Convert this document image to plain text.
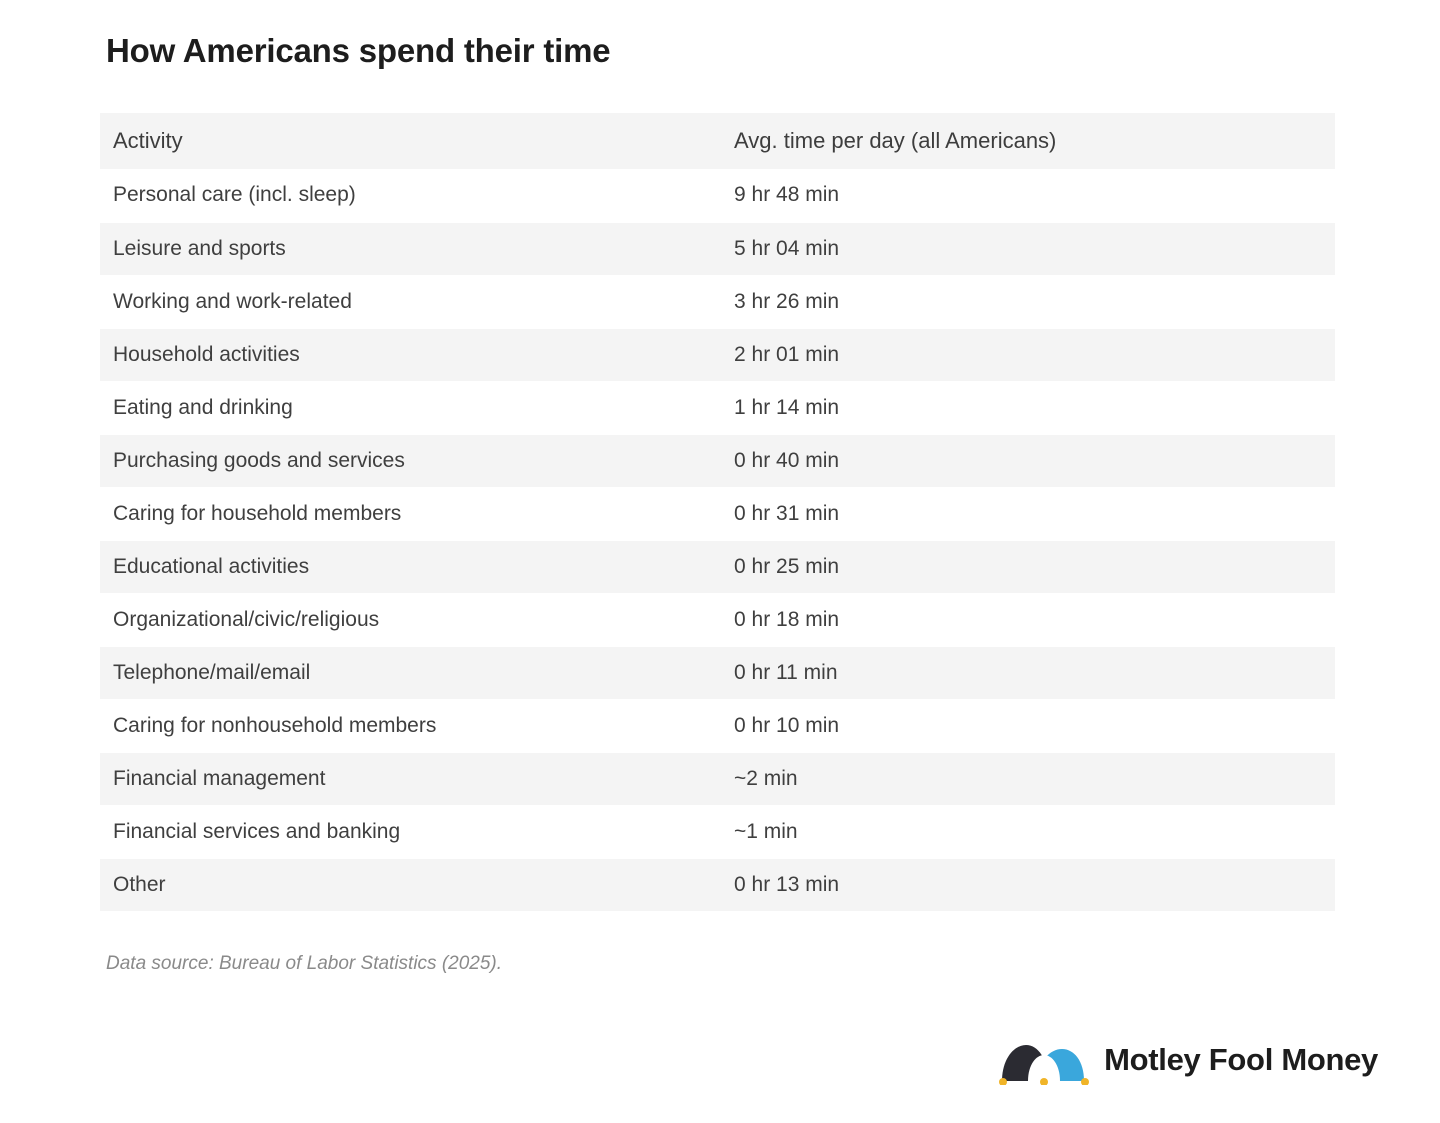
How Americans spend their time
Activity	Avg. time per day (all Americans)
Personal care (incl. sleep)	9 hr 48 min
Leisure and sports	5 hr 04 min
Working and work-related	3 hr 26 min
Household activities	2 hr 01 min
Eating and drinking	1 hr 14 min
Purchasing goods and services	0 hr 40 min
Caring for household members	0 hr 31 min
Educational activities	0 hr 25 min
Organizational/civic/religious	0 hr 18 min
Telephone/mail/email	0 hr 11 min
Caring for nonhousehold members	0 hr 10 min
Financial management	~2 min
Financial services and banking	~1 min
Other	0 hr 13 min
Data source: Bureau of Labor Statistics (2025).
Motley Fool Money
